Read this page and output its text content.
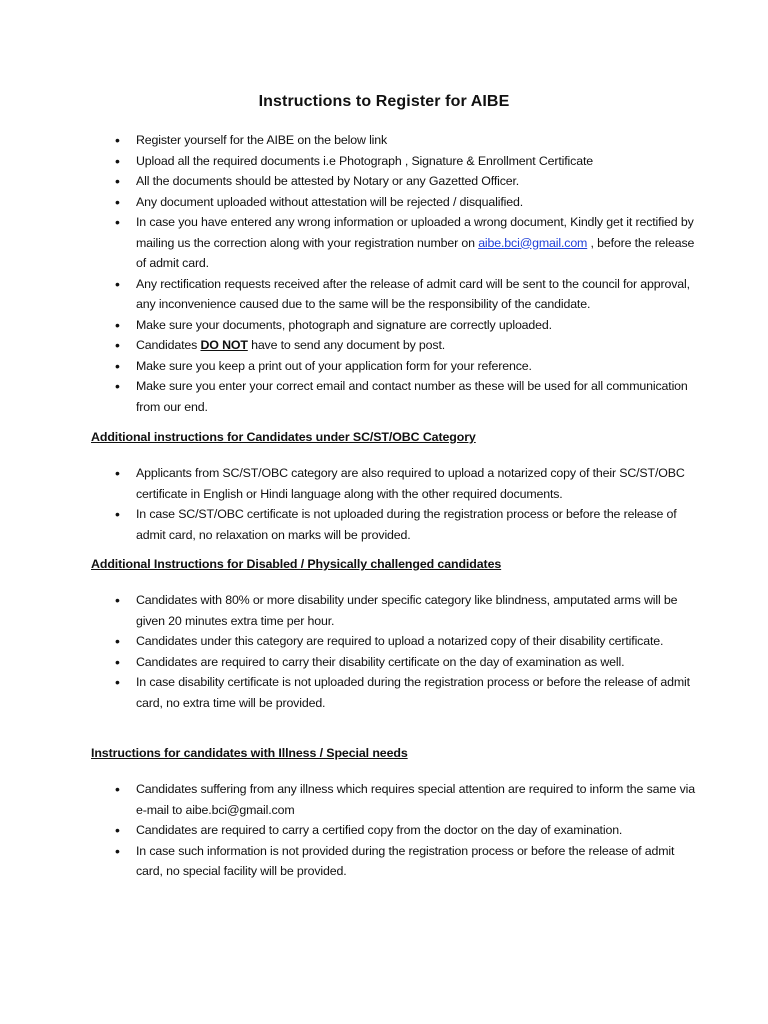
Instructions to Register for AIBE
• Register yourself for the AIBE on the below link
• Upload all the required documents i.e Photograph , Signature & Enrollment Certificate
• All the documents should be attested by Notary or any Gazetted Officer.
• Any document uploaded without attestation will be rejected / disqualified.
• In case you have entered any wrong information or uploaded a wrong document, Kindly get it rectified by mailing us the correction along with your registration number on aibe.bci@gmail.com , before the release of admit card.
• Any rectification requests received after the release of admit card will be sent to the council for approval, any inconvenience caused due to the same will be the responsibility of the candidate.
• Make sure your documents, photograph and signature are correctly uploaded.
• Candidates DO NOT have to send any document by post.
• Make sure you keep a print out of your application form for your reference.
• Make sure you enter your correct email and contact number as these will be used for all communication from our end.
Additional instructions for Candidates under SC/ST/OBC Category
• Applicants from SC/ST/OBC category are also required to upload a notarized copy of their SC/ST/OBC certificate in English or Hindi language along with the other required documents.
• In case SC/ST/OBC certificate is not uploaded during the registration process or before the release of admit card, no relaxation on marks will be provided.
Additional Instructions for Disabled / Physically challenged candidates
• Candidates with 80% or more disability under specific category like blindness, amputated arms will be given 20 minutes extra time per hour.
• Candidates under this category are required to upload a notarized copy of their disability certificate.
• Candidates are required to carry their disability certificate on the day of examination as well.
• In case disability certificate is not uploaded during the registration process or before the release of admit card, no extra time will be provided.
Instructions for candidates with Illness / Special needs
• Candidates suffering from any illness which requires special attention are required to inform the same via e-mail to aibe.bci@gmail.com
• Candidates are required to carry a certified copy from the doctor on the day of examination.
• In case such information is not provided during the registration process or before the release of admit card, no special facility will be provided.
